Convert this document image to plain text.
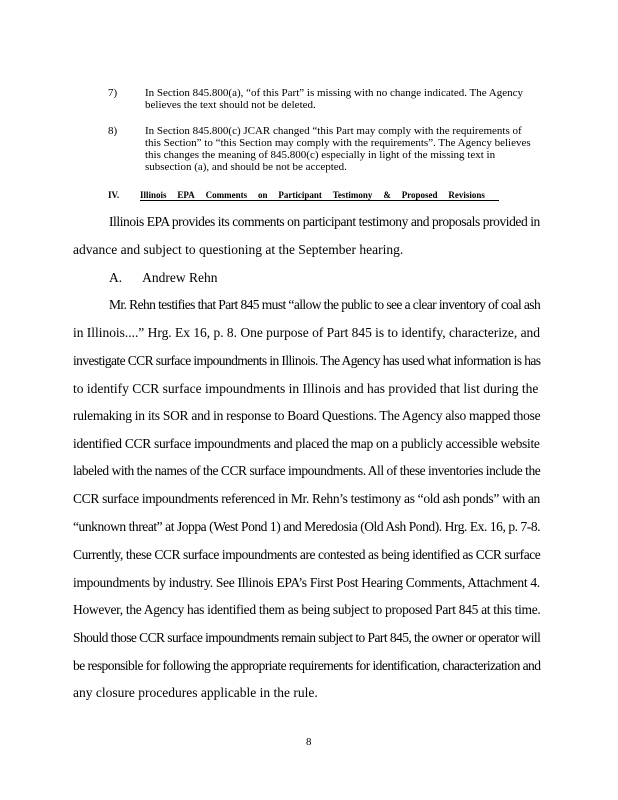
7)	In Section 845.800(a), “of this Part” is missing with no change indicated. The Agency
believes the text should not be deleted.
8)	In Section 845.800(c) JCAR changed “this Part may comply with the requirements of
this Section” to “this Section may comply with the requirements”. The Agency believes
this changes the meaning of 845.800(c) especially in light of the missing text in
subsection (a), and should be not be accepted.
IV. Illinois EPA Comments on Participant Testimony & Proposed Revisions
Illinois EPA provides its comments on participant testimony and proposals provided in
advance and subject to questioning at the September hearing.
A. Andrew Rehn
Mr. Rehn testifies that Part 845 must “allow the public to see a clear inventory of coal ash
in Illinois....” Hrg. Ex 16, p. 8. One purpose of Part 845 is to identify, characterize, and
investigate CCR surface impoundments in Illinois. The Agency has used what information is has
to identify CCR surface impoundments in Illinois and has provided that list during the
rulemaking in its SOR and in response to Board Questions. The Agency also mapped those
identified CCR surface impoundments and placed the map on a publicly accessible website
labeled with the names of the CCR surface impoundments. All of these inventories include the
CCR surface impoundments referenced in Mr. Rehn’s testimony as “old ash ponds” with an
“unknown threat” at Joppa (West Pond 1) and Meredosia (Old Ash Pond). Hrg. Ex. 16, p. 7-8.
Currently, these CCR surface impoundments are contested as being identified as CCR surface
impoundments by industry. See Illinois EPA’s First Post Hearing Comments, Attachment 4.
However, the Agency has identified them as being subject to proposed Part 845 at this time.
Should those CCR surface impoundments remain subject to Part 845, the owner or operator will
be responsible for following the appropriate requirements for identification, characterization and
any closure procedures applicable in the rule.
8
